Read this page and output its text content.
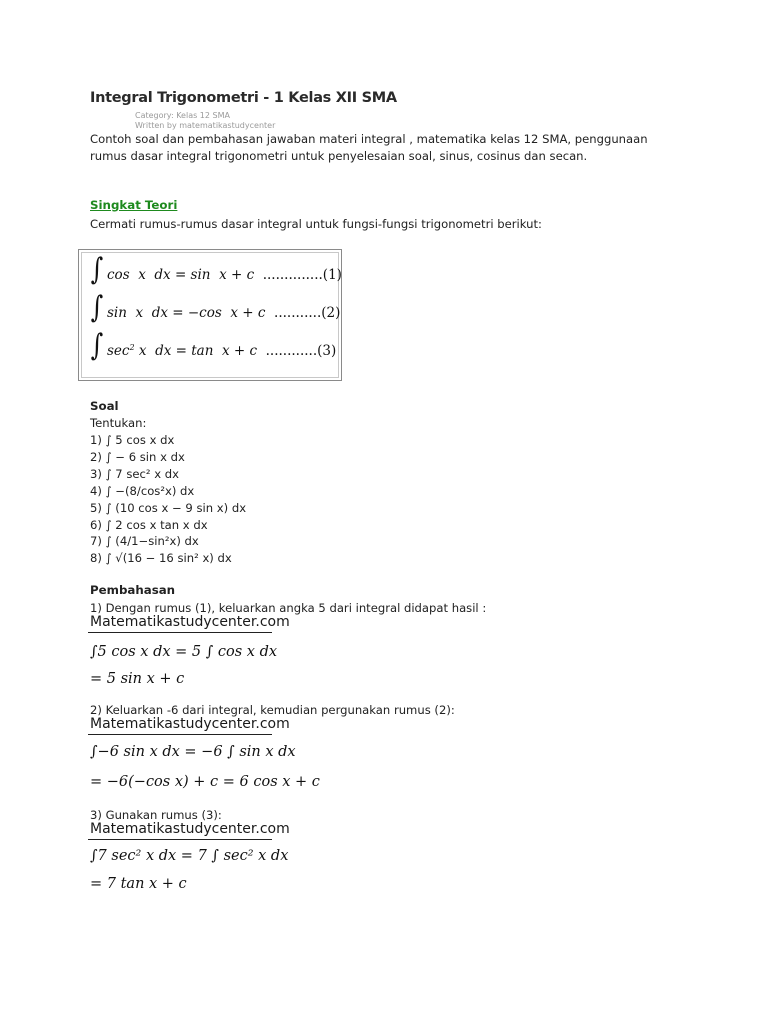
Integral Trigonometri - 1 Kelas XII SMA
Category: Kelas 12 SMA
Written by matematikastudycenter
Contoh soal dan pembahasan jawaban materi integral , matematika kelas 12 SMA, penggunaan rumus dasar integral trigonometri untuk penyelesaian soal, sinus, cosinus dan secan.
Singkat Teori
Cermati rumus-rumus dasar integral untuk fungsi-fungsi trigonometri berikut:
∫ cos  x  dx = sin  x + c  ..............(1)
∫ sin  x  dx = −cos  x + c  ...........(2)
∫ $\sec^2 x$  dx = tan  x + c  ............(3)
Soal
Tentukan:
1) ∫ 5 cos x dx
2) ∫ − 6 sin x dx
3) ∫ 7 sec² x dx
4) ∫ −(8/cos²x) dx
5) ∫ (10 cos x − 9 sin x) dx
6) ∫ 2 cos x tan x dx
7) ∫ (4/1−sin²x) dx
8) ∫ √(16 − 16 sin² x) dx
Pembahasan
1) Dengan rumus (1), keluarkan angka 5 dari integral didapat hasil :
Matematikastudycenter.com
∫5 cos x dx = 5 ∫ cos x dx
= 5 sin x + c
2) Keluarkan -6 dari integral, kemudian pergunakan rumus (2):
Matematikastudycenter.com
∫−6 sin x dx = −6 ∫ sin x dx
= −6(−cos x) + c = 6 cos x + c
3) Gunakan rumus (3):
Matematikastudycenter.com
∫7 sec² x dx = 7 ∫ sec² x dx
= 7 tan x + c
